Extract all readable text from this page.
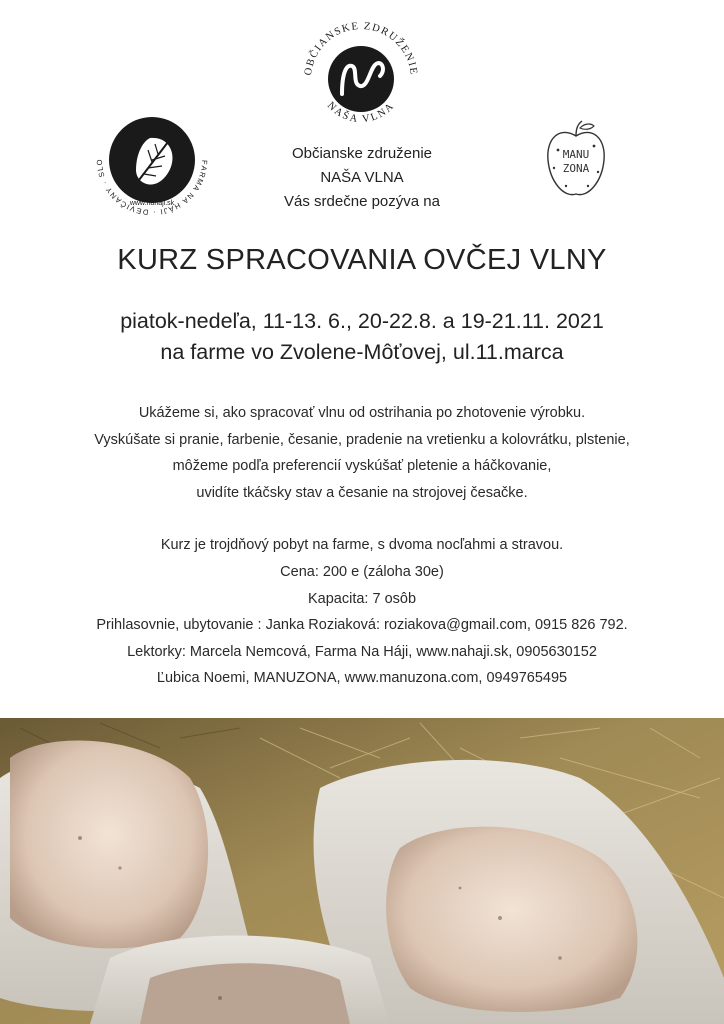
FARMA NA HÁJI · DEVIČANY · SLO
www.nahaji.sk
OBČIANSKE ZDRUŽENIE
NAŠA VLNA
MANU
ZONA
Občianske združenie
NAŠA VLNA
Vás srdečne pozýva na
KURZ SPRACOVANIA OVČEJ VLNY
piatok-nedeľa, 11-13. 6., 20-22.8. a 19-21.11. 2021
na farme vo Zvolene-Môťovej, ul.11.marca
Ukážeme si, ako spracovať vlnu od ostrihania po zhotovenie výrobku.
Vyskúšate si pranie, farbenie, česanie, pradenie na vretienku a kolovrátku, plstenie,
môžeme podľa preferencií vyskúšať pletenie a háčkovanie,
uvidíte tkáčsky stav a česanie na strojovej česačke.
Kurz je trojdňový pobyt na farme, s dvoma nocľahmi a stravou.
Cena: 200 e (záloha 30e)
Kapacita: 7 osôb
Prihlasovnie, ubytovanie : Janka Roziaková: roziakova@gmail.com, 0915 826 792.
Lektorky: Marcela Nemcová, Farma Na Háji, www.nahaji.sk, 0905630152
Ľubica Noemi, MANUZONA, www.manuzona.com, 0949765495
